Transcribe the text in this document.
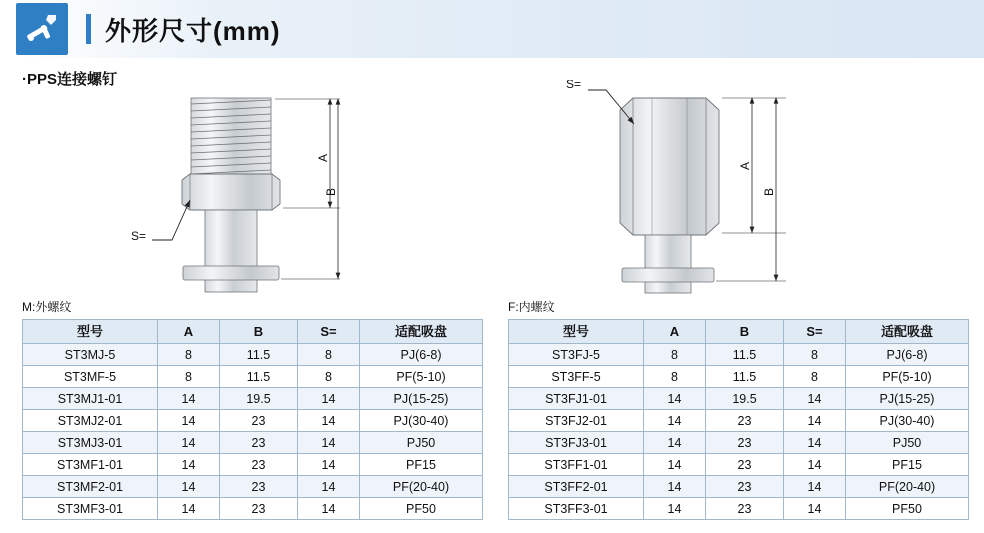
外形尺寸(mm)
·PPS连接螺钉
S=
A
B
S=
A
B
M:外螺纹
型号	A	B	S=	适配吸盘
ST3MJ-5	8	11.5	8	PJ(6-8)
ST3MF-5	8	11.5	8	PF(5-10)
ST3MJ1-01	14	19.5	14	PJ(15-25)
ST3MJ2-01	14	23	14	PJ(30-40)
ST3MJ3-01	14	23	14	PJ50
ST3MF1-01	14	23	14	PF15
ST3MF2-01	14	23	14	PF(20-40)
ST3MF3-01	14	23	14	PF50
F:内螺纹
型号	A	B	S=	适配吸盘
ST3FJ-5	8	11.5	8	PJ(6-8)
ST3FF-5	8	11.5	8	PF(5-10)
ST3FJ1-01	14	19.5	14	PJ(15-25)
ST3FJ2-01	14	23	14	PJ(30-40)
ST3FJ3-01	14	23	14	PJ50
ST3FF1-01	14	23	14	PF15
ST3FF2-01	14	23	14	PF(20-40)
ST3FF3-01	14	23	14	PF50
